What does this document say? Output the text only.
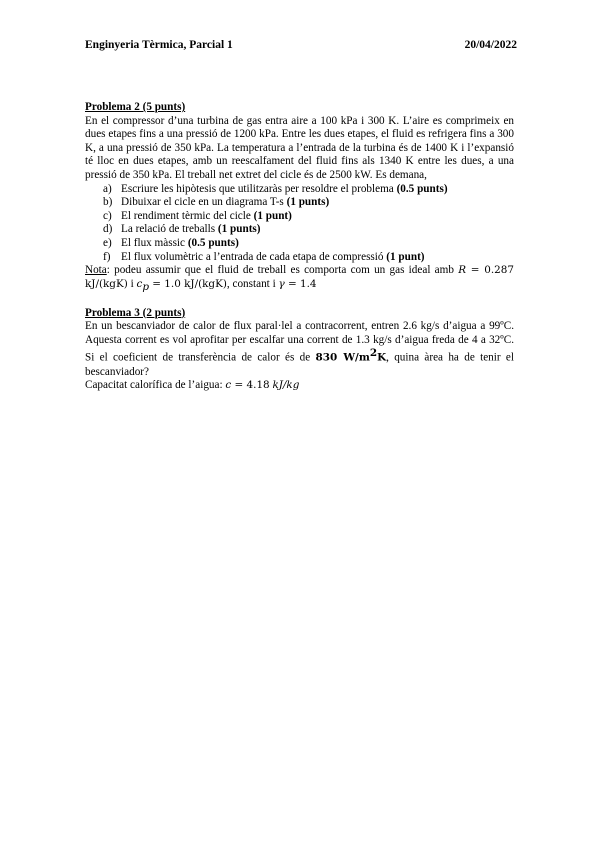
Enginyeria Tèrmica, Parcial 1	20/04/2022
Problema 2 (5 punts)
En el compressor d’una turbina de gas entra aire a 100 kPa i 300 K. L’aire es comprimeix en dues etapes fins a una pressió de 1200 kPa. Entre les dues etapes, el fluid es refrigera fins a 300 K, a una pressió de 350 kPa. La temperatura a l’entrada de la turbina és de 1400 K i l’expansió té lloc en dues etapes, amb un reescalfament del fluid fins als 1340 K entre les dues, a una pressió de 350 kPa. El treball net extret del cicle és de 2500 kW. Es demana,
a) Escriure les hipòtesis que utilitzaràs per resoldre el problema (0.5 punts)
b) Dibuixar el cicle en un diagrama T-s (1 punts)
c) El rendiment tèrmic del cicle (1 punt)
d) La relació de treballs (1 punts)
e) El flux màssic (0.5 punts)
f) El flux volumètric a l’entrada de cada etapa de compressió (1 punt)
Nota: podeu assumir que el fluid de treball es comporta com un gas ideal amb R = 0.287 kJ/(kgK) i $c_p = 1.0$ kJ/(kgK), constant i γ = 1.4
Problema 3 (2 punts)
En un bescanviador de calor de flux paral·lel a contracorrent, entren 2.6 kg/s d’aigua a 99ºC. Aquesta corrent es vol aprofitar per escalfar una corrent de 1.3 kg/s d’aigua freda de 4 a 32ºC. Si el coeficient de transferència de calor és de 830 $W/m^2K$, quina àrea ha de tenir el bescanviador?
Capacitat calorífica de l’aigua: c = 4.18 kJ/kg
